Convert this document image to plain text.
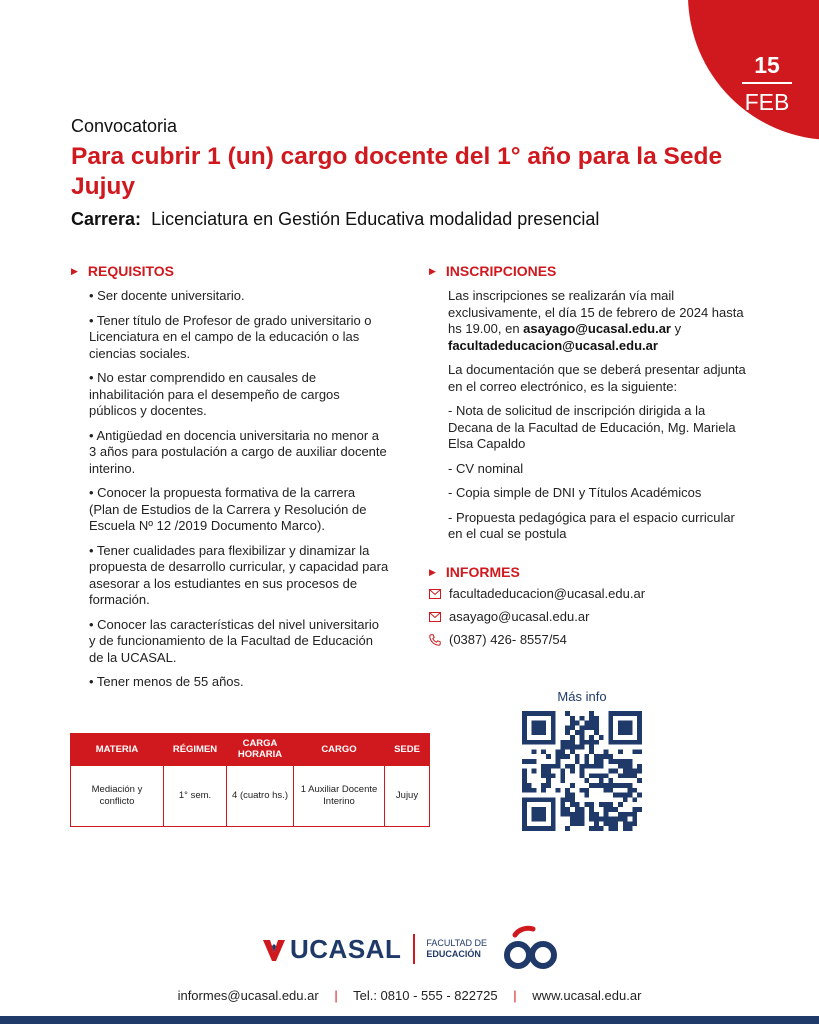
15
FEB
Convocatoria
Para cubrir 1 (un) cargo docente del 1° año para la Sede Jujuy
Carrera: Licenciatura en Gestión Educativa modalidad presencial
▶ REQUISITOS

• Ser docente universitario.

• Tener título de Profesor de grado universitario o Licenciatura en el campo de la educación o las ciencias sociales.

• No estar comprendido en causales de inhabilitación para el desempeño de cargos públicos y docentes.

• Antigüedad en docencia universitaria no menor a 3 años para postulación a cargo de auxiliar docente interino.

• Conocer la propuesta formativa de la carrera (Plan de Estudios de la Carrera y Resolución de Escuela Nº 12 /2019 Documento Marco).

• Tener cualidades para flexibilizar y dinamizar la propuesta de desarrollo curricular, y capacidad para asesorar a los estudiantes en sus procesos de formación.

• Conocer las características del nivel universitario y de funcionamiento de la Facultad de Educación de la UCASAL.

• Tener menos de 55 años.

▶ INSCRIPCIONES

Las inscripciones se realizarán vía mail exclusivamente, el día 15 de febrero de 2024 hasta hs 19.00, en asayago@ucasal.edu.ar y facultadeducacion@ucasal.edu.ar

La documentación que se deberá presentar adjunta en el correo electrónico, es la siguiente:

- Nota de solicitud de inscripción dirigida a la Decana de la Facultad de Educación, Mg. Mariela Elsa Capaldo

- CV nominal

- Copia simple de DNI y Títulos Académicos

- Propuesta pedagógica para el espacio curricular en el cual se postula

▶ INFORMES
facultadeducacion@ucasal.edu.ar
asayago@ucasal.edu.ar
(0387) 426- 8557/54
Más info
MATERIA	RÉGIMEN	CARGA HORARIA	CARGO	SEDE
Mediación y conflicto	1° sem.	4 (cuatro hs.)	1 Auxiliar Docente Interino	Jujuy
UCASAL	FACULTAD DE
EDUCACIÓN
informes@ucasal.edu.ar | Tel.: 0810 - 555 - 822725 | www.ucasal.edu.ar
